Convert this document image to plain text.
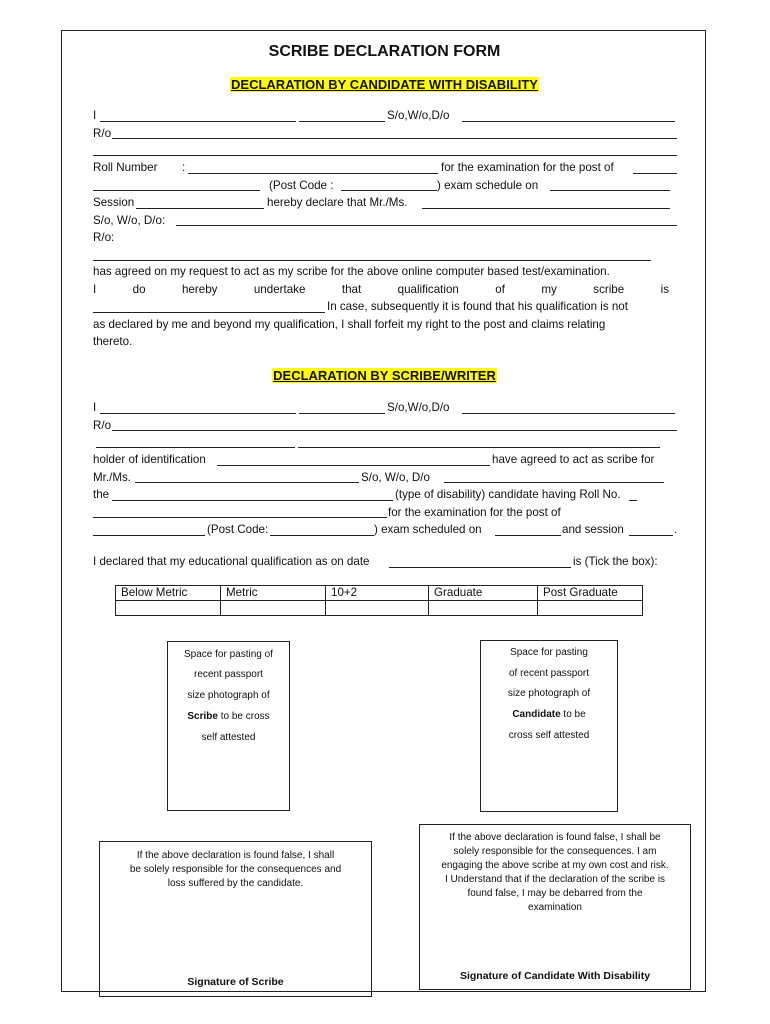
SCRIBE DECLARATION FORM
DECLARATION BY CANDIDATE WITH DISABILITY
I	S/o,W/o,D/o
R/o
Roll Number :	for the examination for the post of
(Post Code :	) exam schedule on
Session	hereby declare that Mr./Ms.
S/o, W/o, D/o:
R/o:
has agreed on my request to act as my scribe for the above online computer based test/examination.
I	do	hereby	undertake	that	qualification	of	my	scribe	is
In case, subsequently it is found that his qualification is not
as declared by me and beyond my qualification, I shall forfeit my right to the post and claims relating
thereto.
DECLARATION BY SCRIBE/WRITER
I	S/o,W/o,D/o
R/o
holder of identification	have agreed to act as scribe for
Mr./Ms.	S/o, W/o, D/o
the	(type of disability) candidate having Roll No.
for the examination for the post of
(Post Code:	) exam scheduled on	and session	.
I declared that my educational qualification as on date	is (Tick the box):
Below Metric	Metric	10+2	Graduate	Post Graduate

Space for pasting of
recent passport
size photograph of
Scribe to be cross
self attested
Space for pasting
of recent passport
size photograph of
Candidate to be
cross self attested
If the above declaration is found false, I shall
be solely responsible for the consequences and
loss suffered by the candidate.
Signature of Scribe
If the above declaration is found false, I shall be
solely responsible for the consequences. I am
engaging the above scribe at my own cost and risk.
I Understand that if the declaration of the scribe is
found false, I may be debarred from the
examination
Signature of Candidate With Disability
